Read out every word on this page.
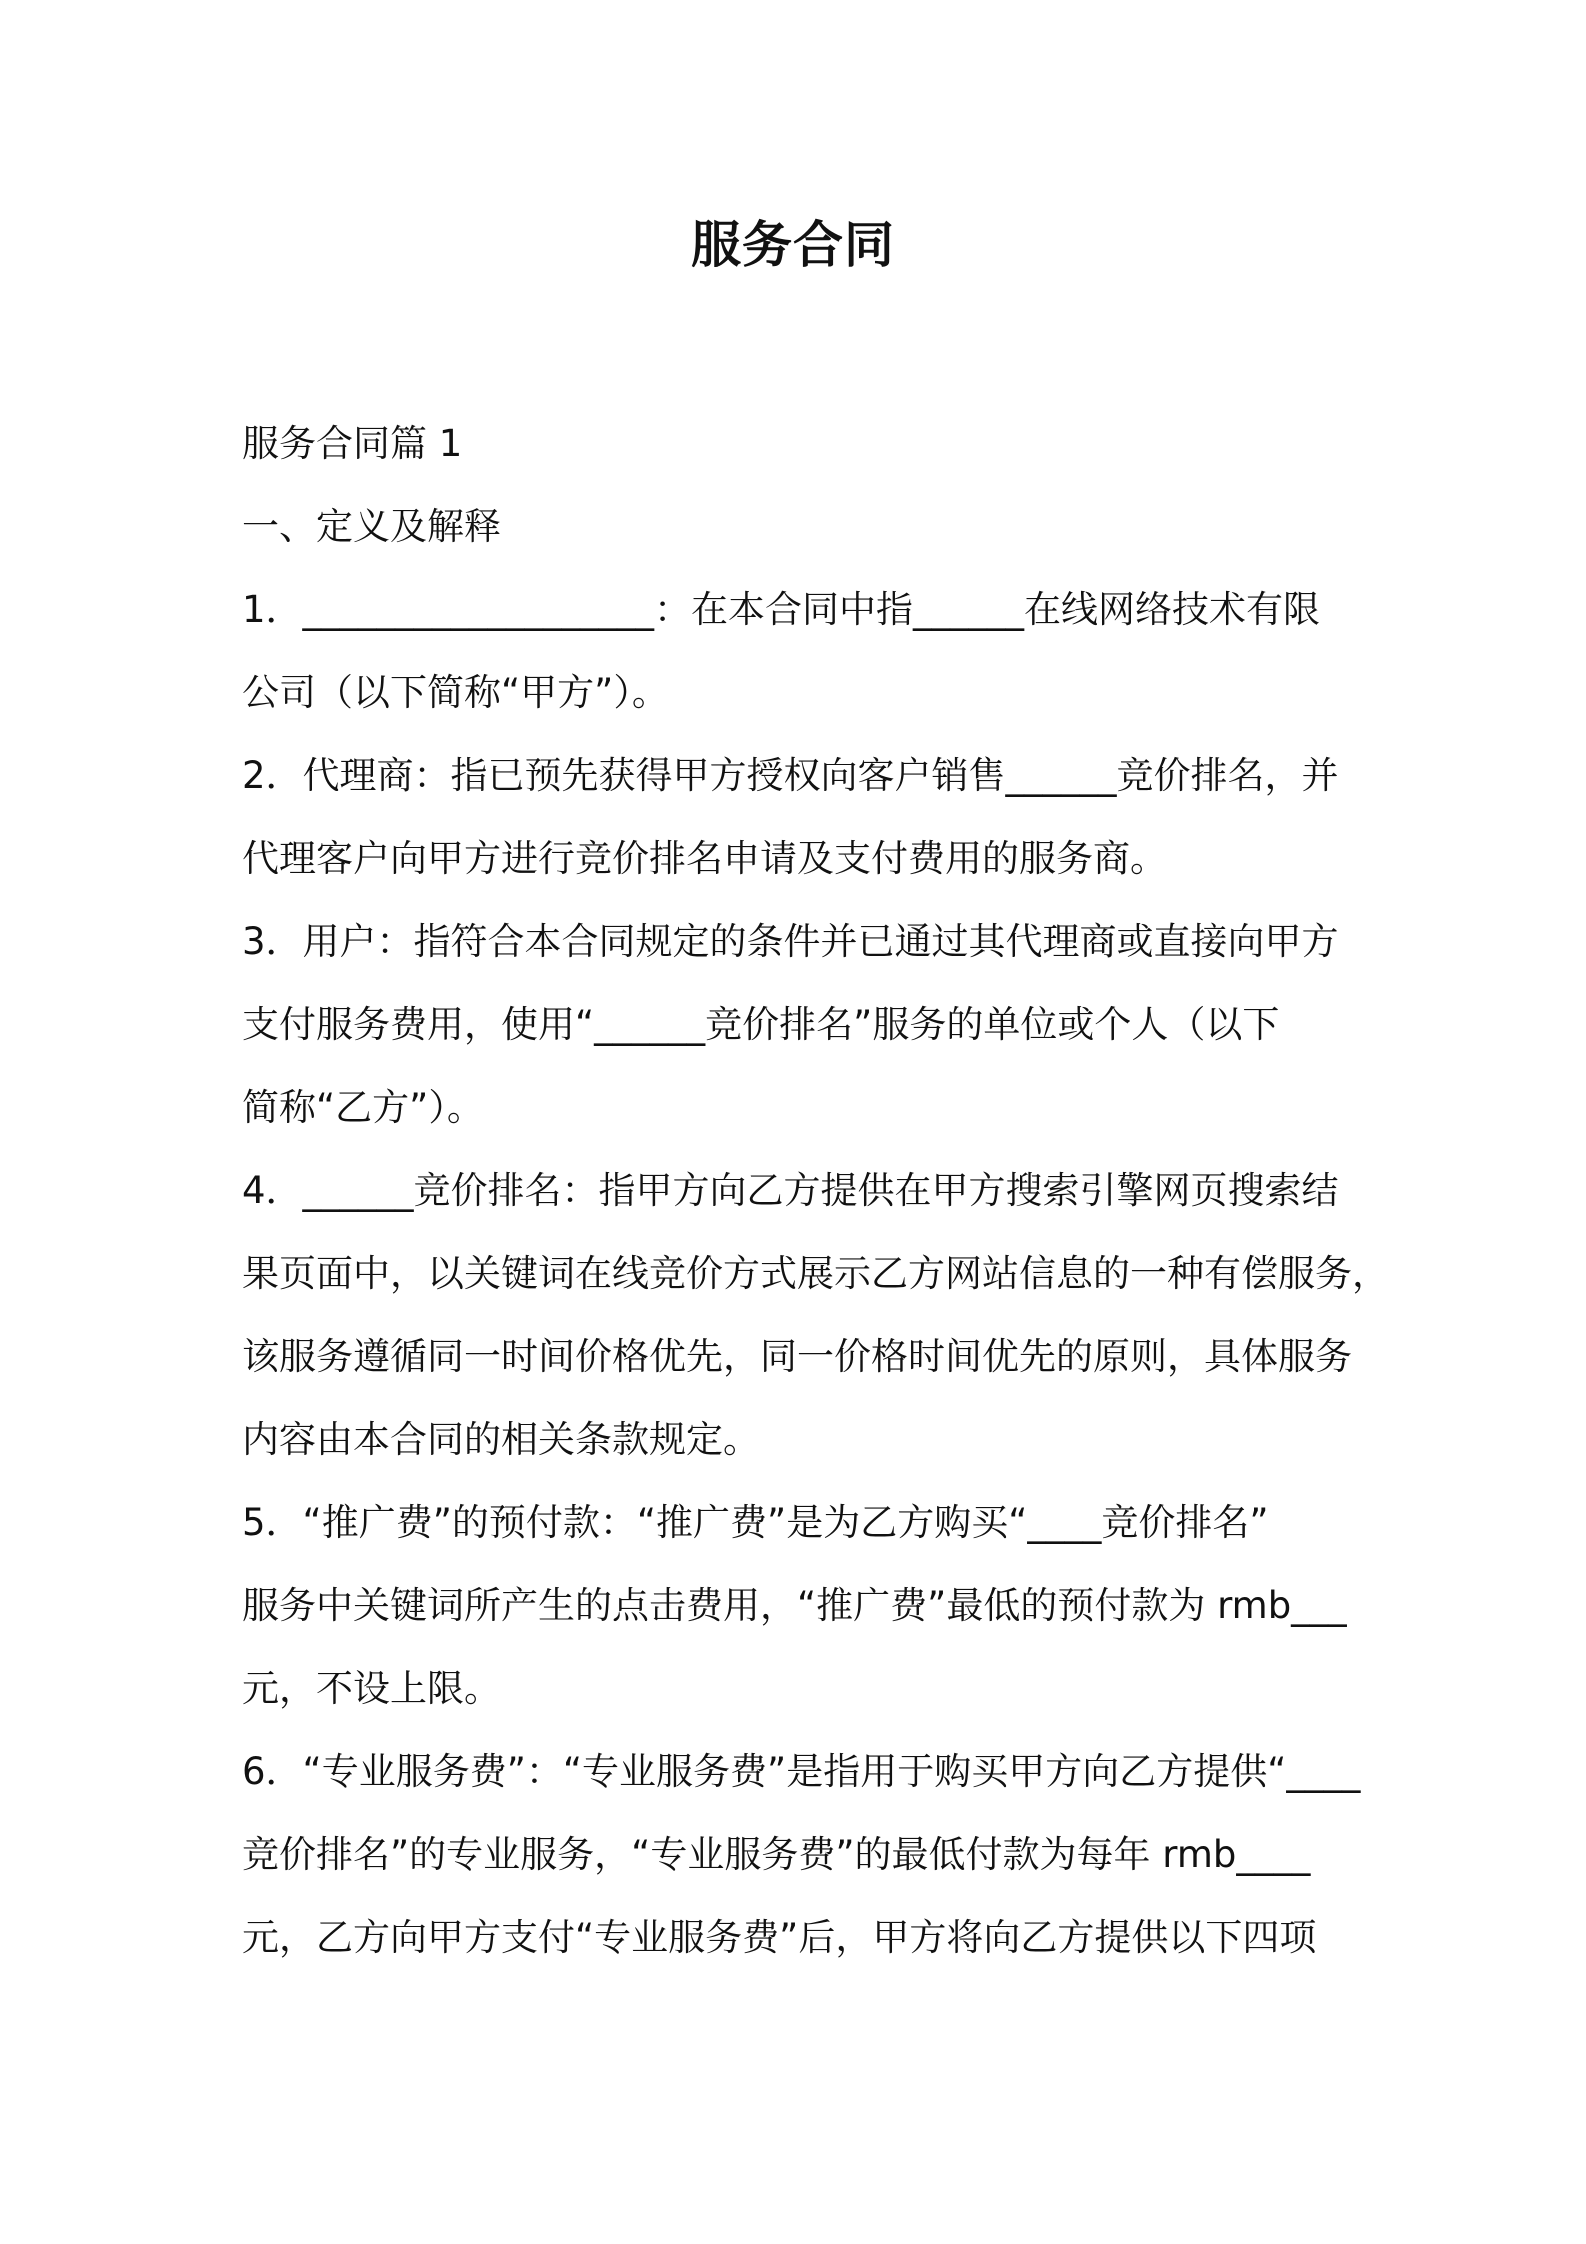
服务合同
服务合同篇 1
一、定义及解释
1．___________________：在本合同中指______在线网络技术有限
公司（以下简称“甲方”）。
2．代理商：指已预先获得甲方授权向客户销售______竞价排名，并
代理客户向甲方进行竞价排名申请及支付费用的服务商。
3．用户：指符合本合同规定的条件并已通过其代理商或直接向甲方
支付服务费用，使用“______竞价排名”服务的单位或个人（以下
简称“乙方”）。
4．______竞价排名：指甲方向乙方提供在甲方搜索引擎网页搜索结
果页面中，以关键词在线竞价方式展示乙方网站信息的一种有偿服务，
该服务遵循同一时间价格优先，同一价格时间优先的原则，具体服务
内容由本合同的相关条款规定。
5．“推广费”的预付款：“推广费”是为乙方购买“____竞价排名”
服务中关键词所产生的点击费用，“推广费”最低的预付款为 rmb___
元，不设上限。
6．“专业服务费”：“专业服务费”是指用于购买甲方向乙方提供“____
竞价排名”的专业服务，“专业服务费”的最低付款为每年 rmb____
元，乙方向甲方支付“专业服务费”后，甲方将向乙方提供以下四项
